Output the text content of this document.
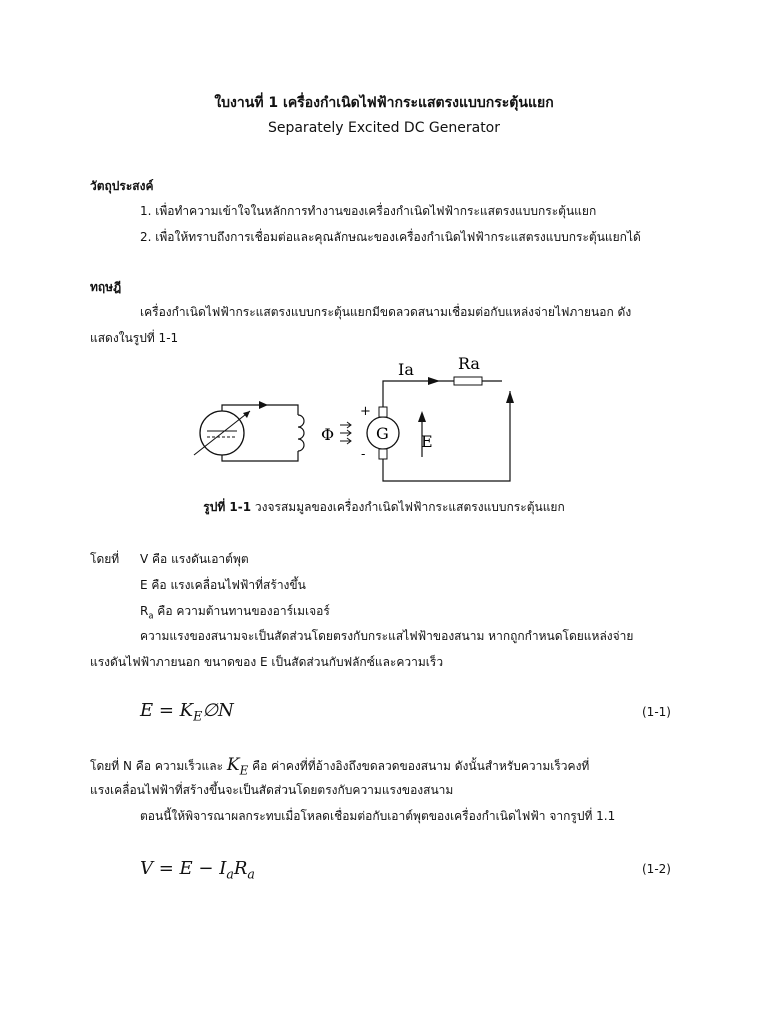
ใบงานที่ 1 เครื่องกำเนิดไฟฟ้ากระแสตรงแบบกระตุ้นแยก
Separately Excited DC Generator
วัตถุประสงค์
1. เพื่อทำความเข้าใจในหลักการทำงานของเครื่องกำเนิดไฟฟ้ากระแสตรงแบบกระตุ้นแยก
2. เพื่อให้ทราบถึงการเชื่อมต่อและคุณลักษณะของเครื่องกำเนิดไฟฟ้ากระแสตรงแบบกระตุ้นแยกได้
ทฤษฎี
เครื่องกำเนิดไฟฟ้ากระแสตรงแบบกระตุ้นแยกมีขดลวดสนามเชื่อมต่อกับแหล่งจ่ายไฟภายนอก ดัง
แสดงในรูปที่ 1-1
Φ	G
+
-
Ia	Ra
E
รูปที่ 1-1 วงจรสมมูลของเครื่องกำเนิดไฟฟ้ากระแสตรงแบบกระตุ้นแยก
โดยที่ V คือ แรงดันเอาต์พุต
E คือ แรงเคลื่อนไฟฟ้าที่สร้างขึ้น
$R_a$ คือ ความต้านทานของอาร์เมเจอร์
ความแรงของสนามจะเป็นสัดส่วนโดยตรงกับกระแสไฟฟ้าของสนาม หากถูกกำหนดโดยแหล่งจ่าย
แรงดันไฟฟ้าภายนอก ขนาดของ E เป็นสัดส่วนกับฟลักซ์และความเร็ว
$E = K_E\emptyset N$	(1-1)
โดยที่ N คือ ความเร็วและ $K_E$ คือ ค่าคงที่ที่อ้างอิงถึงขดลวดของสนาม ดังนั้นสำหรับความเร็วคงที่
แรงเคลื่อนไฟฟ้าที่สร้างขึ้นจะเป็นสัดส่วนโดยตรงกับความแรงของสนาม
ตอนนี้ให้พิจารณาผลกระทบเมื่อโหลดเชื่อมต่อกับเอาต์พุตของเครื่องกำเนิดไฟฟ้า จากรูปที่ 1.1
$V = E - I_aR_a$	(1-2)
